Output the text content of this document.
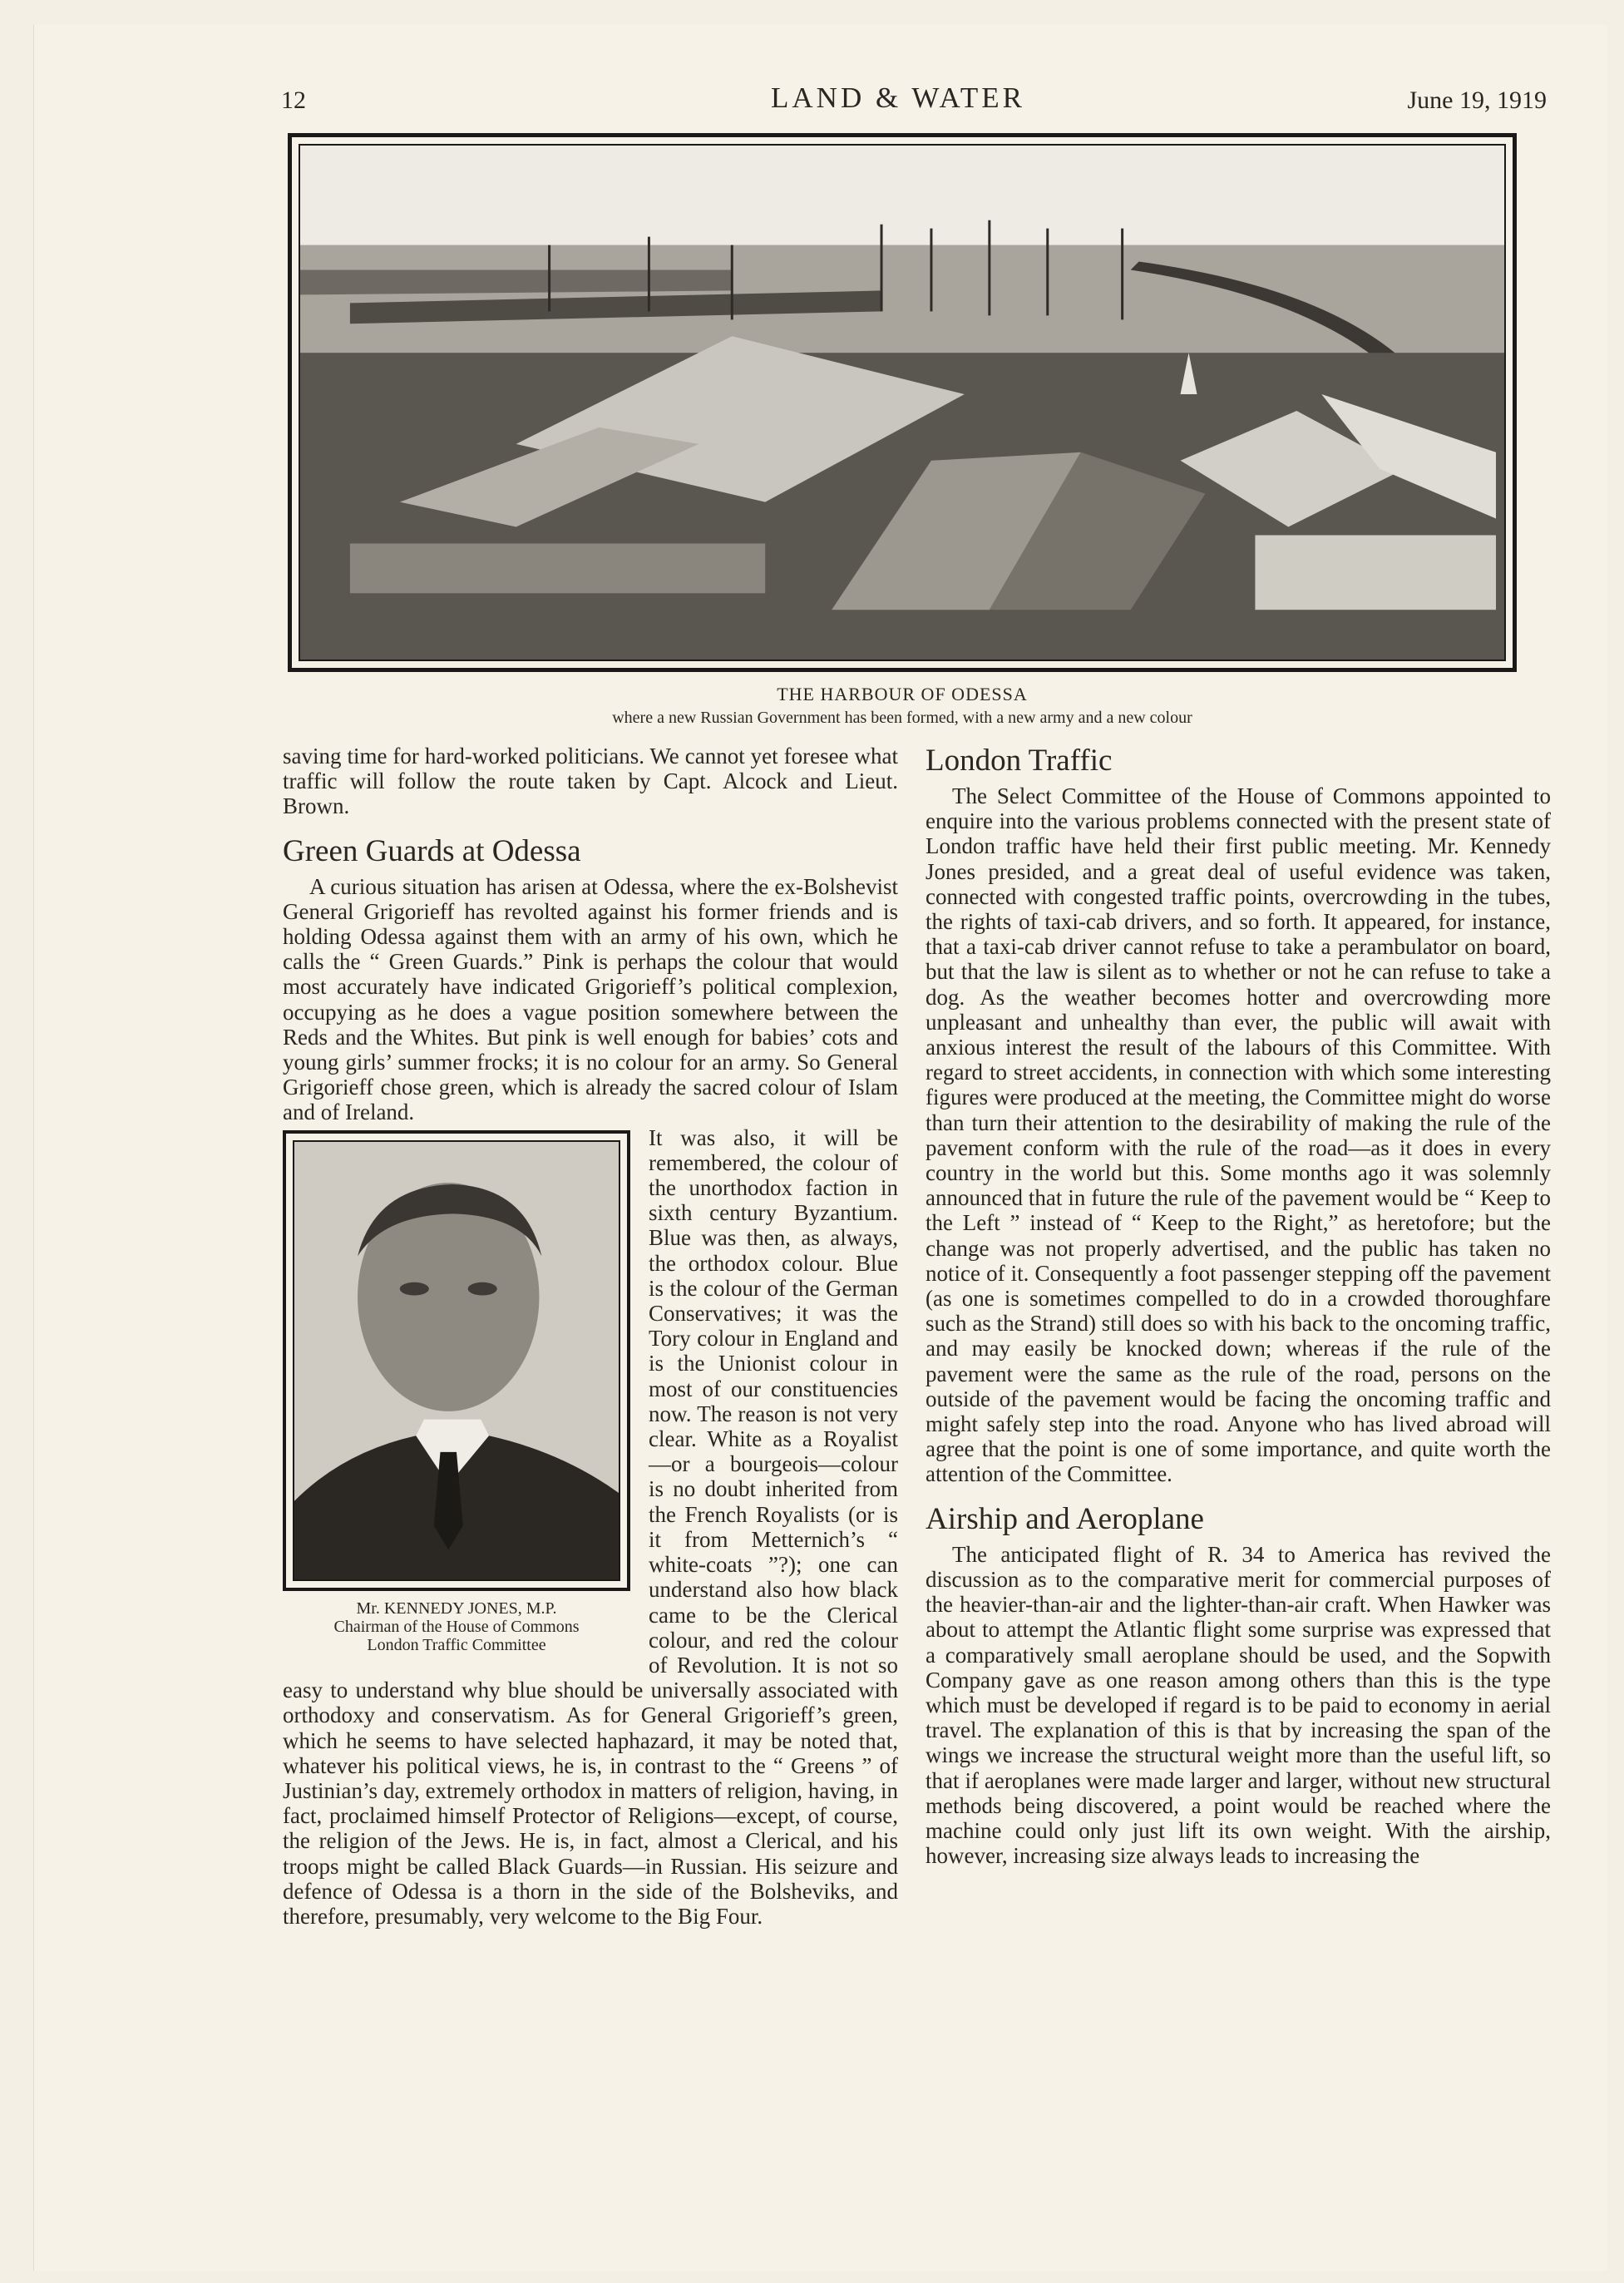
12	LAND & WATER	June 19, 1919
THE HARBOUR OF ODESSA
where a new Russian Government has been formed, with a new army and a new colour

saving time for hard-worked politicians. We cannot yet foresee what traffic will follow the route taken by Capt. Alcock and Lieut. Brown.

Green Guards at Odessa

A curious situation has arisen at Odessa, where the ex-Bolshevist General Grigorieff has revolted against his former friends and is holding Odessa against them with an army of his own, which he calls the “ Green Guards.” Pink is perhaps the colour that would most accurately have indicated Grigorieff’s political complexion, occupying as he does a vague position somewhere between the Reds and the Whites. But pink is well enough for babies’ cots and young girls’ summer frocks; it is no colour for an army. So General Grigorieff chose green, which is already the sacred colour of Islam and of Ireland.

Mr. KENNEDY JONES, M.P.
Chairman of the House of Commons
London Traffic Committee

It was also, it will be remembered, the colour of the unorthodox faction in sixth century Byzantium. Blue was then, as always, the orthodox colour. Blue is the colour of the German Conservatives; it was the Tory colour in England and is the Unionist colour in most of our constituencies now. The reason is not very clear. White as a Royalist—or a bourgeois—colour is no doubt inherited from the French Royalists (or is it from Metternich’s “ white-coats ”?); one can understand also how black came to be the Clerical colour, and red the colour of Revolution. It is not so easy to understand why blue should be universally associated with orthodoxy and conservatism. As for General Grigorieff’s green, which he seems to have selected haphazard, it may be noted that, whatever his political views, he is, in contrast to the “ Greens ” of Justinian’s day, extremely orthodox in matters of religion, having, in fact, proclaimed himself Protector of Religions—except, of course, the religion of the Jews. He is, in fact, almost a Clerical, and his troops might be called Black Guards—in Russian. His seizure and defence of Odessa is a thorn in the side of the Bolsheviks, and therefore, presumably, very welcome to the Big Four.

London Traffic

The Select Committee of the House of Commons appointed to enquire into the various problems connected with the present state of London traffic have held their first public meeting. Mr. Kennedy Jones presided, and a great deal of useful evidence was taken, connected with congested traffic points, overcrowding in the tubes, the rights of taxi-cab drivers, and so forth. It appeared, for instance, that a taxi-cab driver cannot refuse to take a perambulator on board, but that the law is silent as to whether or not he can refuse to take a dog. As the weather becomes hotter and overcrowding more unpleasant and unhealthy than ever, the public will await with anxious interest the result of the labours of this Committee. With regard to street accidents, in connection with which some interesting figures were produced at the meeting, the Committee might do worse than turn their attention to the desirability of making the rule of the pavement conform with the rule of the road—as it does in every country in the world but this. Some months ago it was solemnly announced that in future the rule of the pavement would be “ Keep to the Left ” instead of “ Keep to the Right,” as heretofore; but the change was not properly advertised, and the public has taken no notice of it. Consequently a foot passenger stepping off the pavement (as one is sometimes compelled to do in a crowded thoroughfare such as the Strand) still does so with his back to the oncoming traffic, and may easily be knocked down; whereas if the rule of the pavement were the same as the rule of the road, persons on the outside of the pavement would be facing the oncoming traffic and might safely step into the road. Anyone who has lived abroad will agree that the point is one of some importance, and quite worth the attention of the Committee.

Airship and Aeroplane

The anticipated flight of R. 34 to America has revived the discussion as to the comparative merit for commercial purposes of the heavier-than-air and the lighter-than-air craft. When Hawker was about to attempt the Atlantic flight some surprise was expressed that a comparatively small aeroplane should be used, and the Sopwith Company gave as one reason among others than this is the type which must be developed if regard is to be paid to economy in aerial travel. The explanation of this is that by increasing the span of the wings we increase the structural weight more than the useful lift, so that if aeroplanes were made larger and larger, without new structural methods being discovered, a point would be reached where the machine could only just lift its own weight. With the airship, however, increasing size always leads to increasing the
